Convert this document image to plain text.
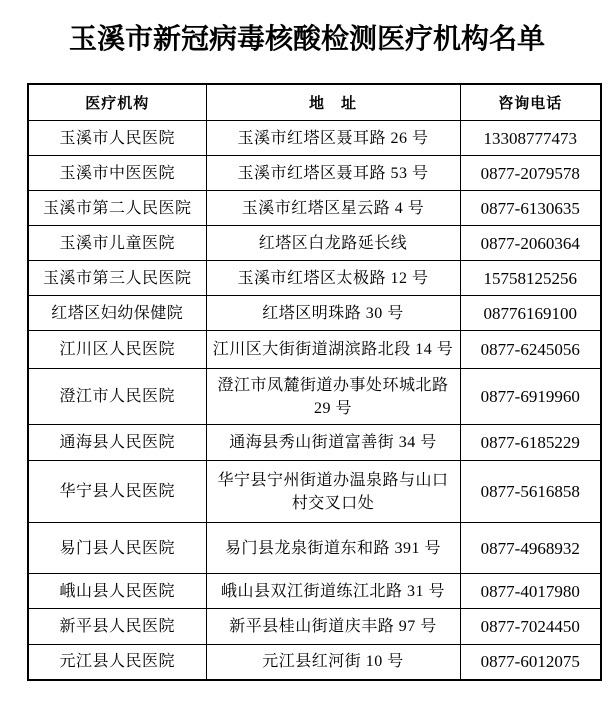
玉溪市新冠病毒核酸检测医疗机构名单
医疗机构	地　址	咨询电话
玉溪市人民医院	玉溪市红塔区聂耳路 26 号	13308777473
玉溪市中医医院	玉溪市红塔区聂耳路 53 号	0877-2079578
玉溪市第二人民医院	玉溪市红塔区星云路 4 号	0877-6130635
玉溪市儿童医院	红塔区白龙路延长线	0877-2060364
玉溪市第三人民医院	玉溪市红塔区太极路 12 号	15758125256
红塔区妇幼保健院	红塔区明珠路 30 号	08776169100
江川区人民医院	江川区大街街道湖滨路北段 14 号	0877-6245056
澄江市人民医院	澄江市凤麓街道办事处环城北路 29 号	0877-6919960
通海县人民医院	通海县秀山街道富善街 34 号	0877-6185229
华宁县人民医院	华宁县宁州街道办温泉路与山口村交叉口处	0877-5616858
易门县人民医院	易门县龙泉街道东和路 391 号	0877-4968932
峨山县人民医院	峨山县双江街道练江北路 31 号	0877-4017980
新平县人民医院	新平县桂山街道庆丰路 97 号	0877-7024450
元江县人民医院	元江县红河街 10 号	0877-6012075
